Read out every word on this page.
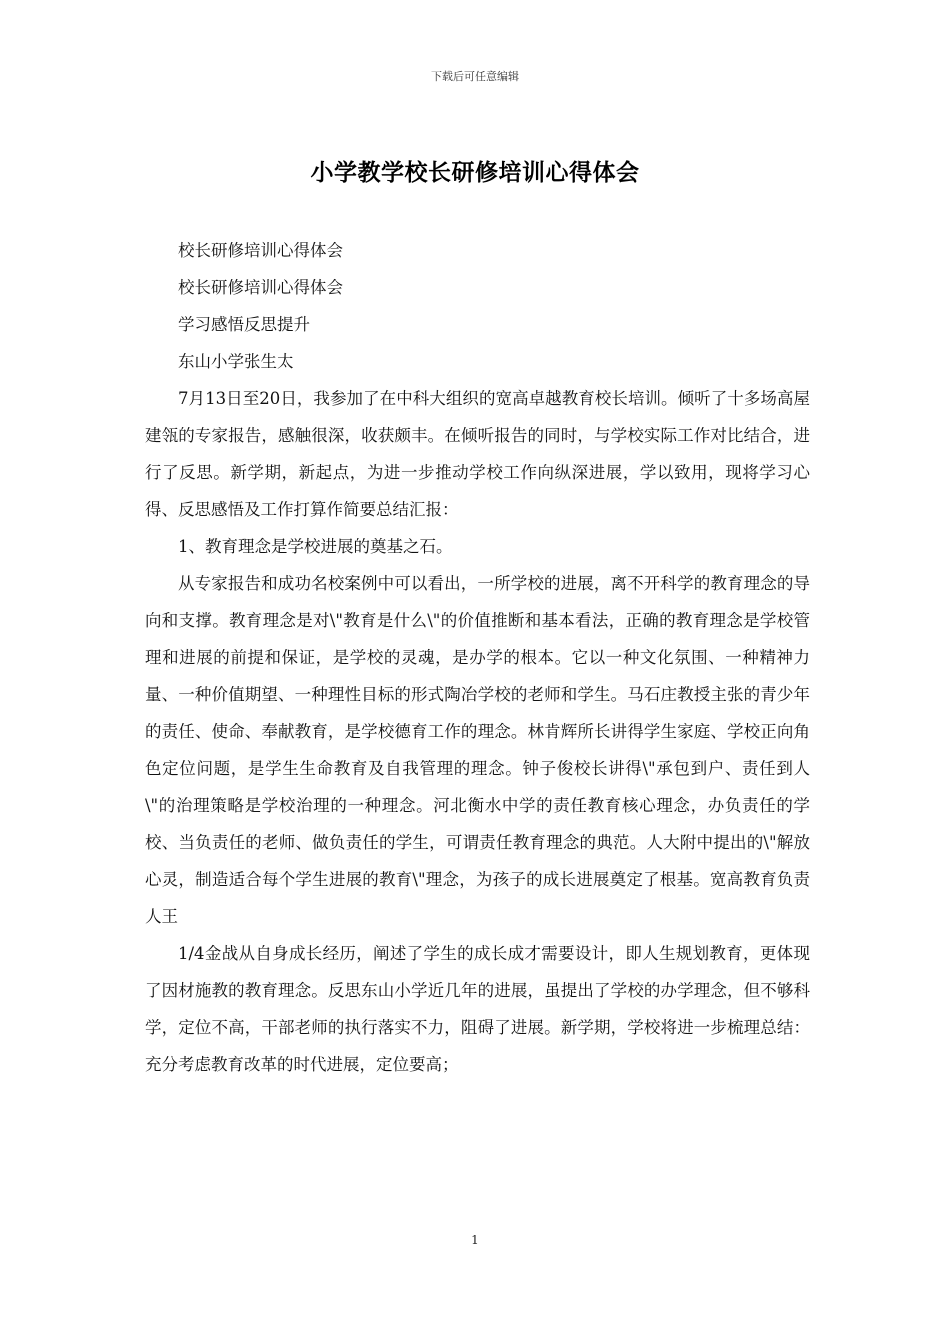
下载后可任意编辑
小学教学校长研修培训心得体会

校长研修培训心得体会

校长研修培训心得体会

学习感悟反思提升

东山小学张生太

7月13日至20日，我参加了在中科大组织的宽高卓越教育校长培训。倾听了十多场高屋建瓴的专家报告，感触很深，收获颇丰。在倾听报告的同时，与学校实际工作对比结合，进行了反思。新学期，新起点，为进一步推动学校工作向纵深进展，学以致用，现将学习心得、反思感悟及工作打算作简要总结汇报：

1、教育理念是学校进展的奠基之石。

从专家报告和成功名校案例中可以看出，一所学校的进展，离不开科学的教育理念的导向和支撑。教育理念是对\"教育是什么\"的价值推断和基本看法，正确的教育理念是学校管理和进展的前提和保证，是学校的灵魂，是办学的根本。它以一种文化氛围、一种精神力量、一种价值期望、一种理性目标的形式陶冶学校的老师和学生。马石庄教授主张的青少年的责任、使命、奉献教育，是学校德育工作的理念。林肯辉所长讲得学生家庭、学校正向角色定位问题，是学生生命教育及自我管理的理念。钟子俊校长讲得\"承包到户、责任到人\"的治理策略是学校治理的一种理念。河北衡水中学的责任教育核心理念，办负责任的学校、当负责任的老师、做负责任的学生，可谓责任教育理念的典范。人大附中提出的\"解放心灵，制造适合每个学生进展的教育\"理念，为孩子的成长进展奠定了根基。宽高教育负责人王

1/4金战从自身成长经历，阐述了学生的成长成才需要设计，即人生规划教育，更体现了因材施教的教育理念。反思东山小学近几年的进展，虽提出了学校的办学理念，但不够科学，定位不高，干部老师的执行落实不力，阻碍了进展。新学期，学校将进一步梳理总结：充分考虑教育改革的时代进展，定位要高；

1
